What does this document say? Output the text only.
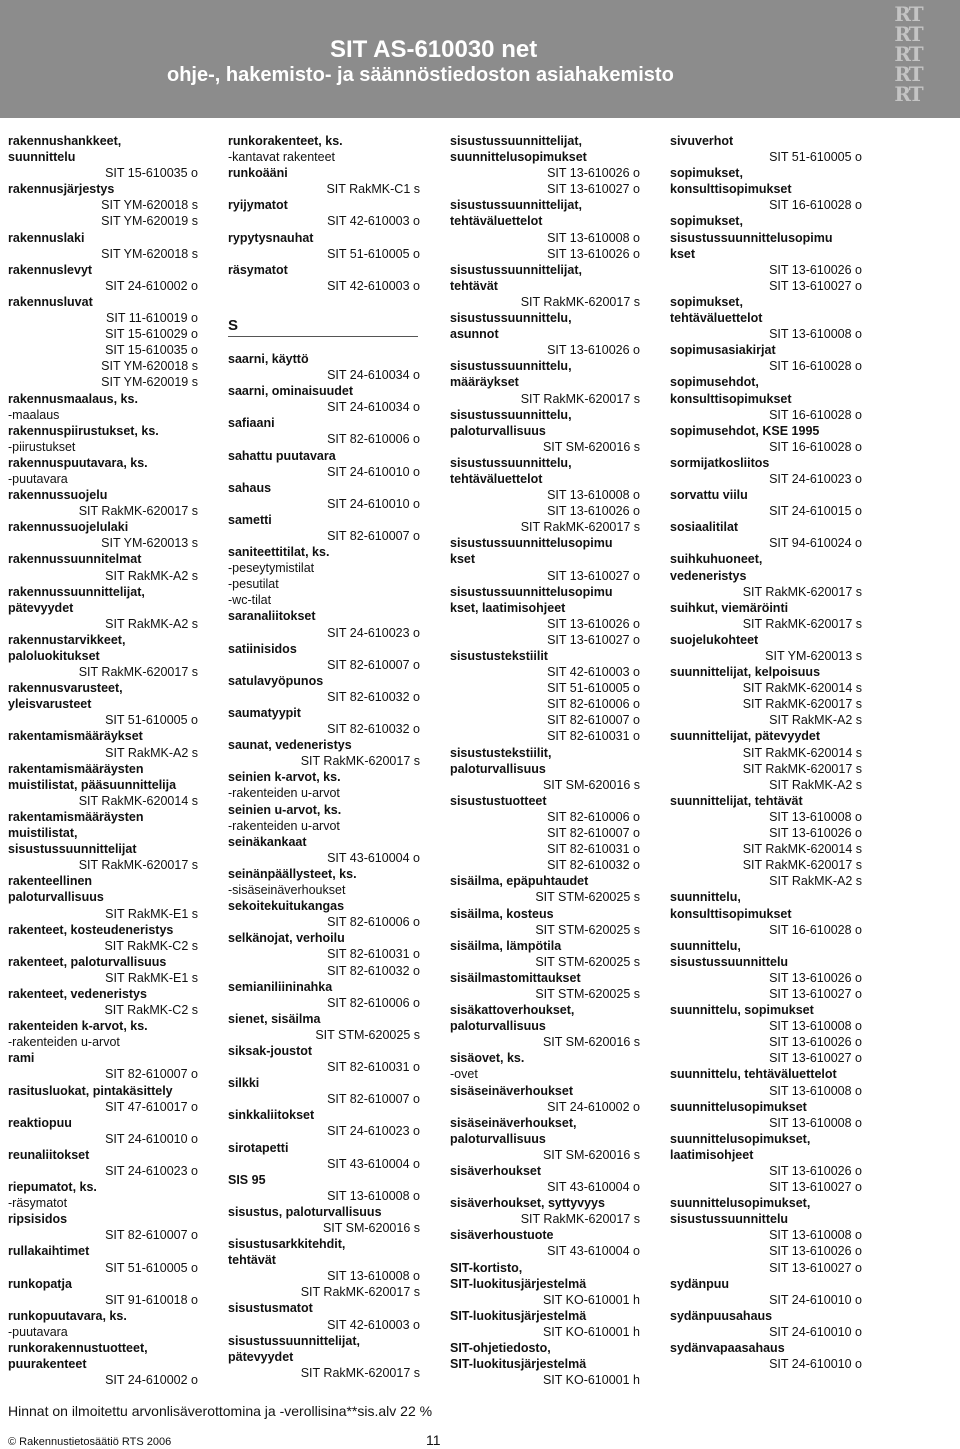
SIT AS-610030 net
ohje-, hakemisto- ja säännöstiedoston asiahakemisto
RT
RT
RT
RT
RT
rakennushankkeet,
suunnittelu
SIT 15-610035 o
rakennusjärjestys
SIT YM-620018 s
SIT YM-620019 s
rakennuslaki
SIT YM-620018 s
rakennuslevyt
SIT 24-610002 o
rakennusluvat
SIT 11-610019 o
SIT 15-610029 o
SIT 15-610035 o
SIT YM-620018 s
SIT YM-620019 s
rakennusmaalaus, ks.
-maalaus
rakennuspiirustukset, ks.
-piirustukset
rakennuspuutavara, ks.
-puutavara
rakennussuojelu
SIT RakMK-620017 s
rakennussuojelulaki
SIT YM-620013 s
rakennussuunnitelmat
SIT RakMK-A2 s
rakennussuunnittelijat,
pätevyydet
SIT RakMK-A2 s
rakennustarvikkeet,
paloluokitukset
SIT RakMK-620017 s
rakennusvarusteet,
yleisvarusteet
SIT 51-610005 o
rakentamismääräykset
SIT RakMK-A2 s
rakentamismääräysten
muistilistat, pääsuunnittelija
SIT RakMK-620014 s
rakentamismääräysten
muistilistat,
sisustussuunnittelijat
SIT RakMK-620017 s
rakenteellinen
paloturvallisuus
SIT RakMK-E1 s
rakenteet, kosteudeneristys
SIT RakMK-C2 s
rakenteet, paloturvallisuus
SIT RakMK-E1 s
rakenteet, vedeneristys
SIT RakMK-C2 s
rakenteiden k-arvot, ks.
-rakenteiden u-arvot
rami
SIT 82-610007 o
rasitusluokat, pintakäsittely
SIT 47-610017 o
reaktiopuu
SIT 24-610010 o
reunaliitokset
SIT 24-610023 o
riepumatot, ks.
-räsymatot
ripsisidos
SIT 82-610007 o
rullakaihtimet
SIT 51-610005 o
runkopatja
SIT 91-610018 o
runkopuutavara, ks.
-puutavara
runkorakennustuotteet,
puurakenteet
SIT 24-610002 o
runkorakenteet, ks.
-kantavat rakenteet
runkoääni
SIT RakMK-C1 s
ryijymatot
SIT 42-610003 o
rypytysnauhat
SIT 51-610005 o
räsymatot
SIT 42-610003 o
S
saarni, käyttö
SIT 24-610034 o
saarni, ominaisuudet
SIT 24-610034 o
safiaani
SIT 82-610006 o
sahattu puutavara
SIT 24-610010 o
sahaus
SIT 24-610010 o
sametti
SIT 82-610007 o
saniteettitilat, ks.
-peseytymistilat
-pesutilat
-wc-tilat
saranaliitokset
SIT 24-610023 o
satiinisidos
SIT 82-610007 o
satulavyöpunos
SIT 82-610032 o
saumatyypit
SIT 82-610032 o
saunat, vedeneristys
SIT RakMK-620017 s
seinien k-arvot, ks.
-rakenteiden u-arvot
seinien u-arvot, ks.
-rakenteiden u-arvot
seinäkankaat
SIT 43-610004 o
seinänpäällysteet, ks.
-sisäseinäverhoukset
sekoitekuitukangas
SIT 82-610006 o
selkänojat, verhoilu
SIT 82-610031 o
SIT 82-610032 o
semianiliininahka
SIT 82-610006 o
sienet, sisäilma
SIT STM-620025 s
siksak-joustot
SIT 82-610031 o
silkki
SIT 82-610007 o
sinkkaliitokset
SIT 24-610023 o
sirotapetti
SIT 43-610004 o
SIS 95
SIT 13-610008 o
sisustus, paloturvallisuus
SIT SM-620016 s
sisustusarkkitehdit,
tehtävät
SIT 13-610008 o
SIT RakMK-620017 s
sisustusmatot
SIT 42-610003 o
sisustussuunnittelijat,
pätevyydet
SIT RakMK-620017 s
sisustussuunnittelijat,
suunnittelusopimukset
SIT 13-610026 o
SIT 13-610027 o
sisustussuunnittelijat,
tehtäväluettelot
SIT 13-610008 o
SIT 13-610026 o
sisustussuunnittelijat,
tehtävät
SIT RakMK-620017 s
sisustussuunnittelu,
asunnot
SIT 13-610026 o
sisustussuunnittelu,
määräykset
SIT RakMK-620017 s
sisustussuunnittelu,
paloturvallisuus
SIT SM-620016 s
sisustussuunnittelu,
tehtäväluettelot
SIT 13-610008 o
SIT 13-610026 o
SIT RakMK-620017 s
sisustussuunnittelusopimu
kset
SIT 13-610027 o
sisustussuunnittelusopimu
kset, laatimisohjeet
SIT 13-610026 o
SIT 13-610027 o
sisustustekstiilit
SIT 42-610003 o
SIT 51-610005 o
SIT 82-610006 o
SIT 82-610007 o
SIT 82-610031 o
sisustustekstiilit,
paloturvallisuus
SIT SM-620016 s
sisustustuotteet
SIT 82-610006 o
SIT 82-610007 o
SIT 82-610031 o
SIT 82-610032 o
sisäilma, epäpuhtaudet
SIT STM-620025 s
sisäilma, kosteus
SIT STM-620025 s
sisäilma, lämpötila
SIT STM-620025 s
sisäilmastomittaukset
SIT STM-620025 s
sisäkattoverhoukset,
paloturvallisuus
SIT SM-620016 s
sisäovet, ks.
-ovet
sisäseinäverhoukset
SIT 24-610002 o
sisäseinäverhoukset,
paloturvallisuus
SIT SM-620016 s
sisäverhoukset
SIT 43-610004 o
sisäverhoukset, syttyvyys
SIT RakMK-620017 s
sisäverhoustuote
SIT 43-610004 o
SIT-kortisto,
SIT-luokitusjärjestelmä
SIT KO-610001 h
SIT-luokitusjärjestelmä
SIT KO-610001 h
SIT-ohjetiedosto,
SIT-luokitusjärjestelmä
SIT KO-610001 h
sivuverhot
SIT 51-610005 o
sopimukset,
konsulttisopimukset
SIT 16-610028 o
sopimukset,
sisustussuunnittelusopimu
kset
SIT 13-610026 o
SIT 13-610027 o
sopimukset,
tehtäväluettelot
SIT 13-610008 o
sopimusasiakirjat
SIT 16-610028 o
sopimusehdot,
konsulttisopimukset
SIT 16-610028 o
sopimusehdot, KSE 1995
SIT 16-610028 o
sormijatkosliitos
SIT 24-610023 o
sorvattu viilu
SIT 24-610015 o
sosiaalitilat
SIT 94-610024 o
suihkuhuoneet,
vedeneristys
SIT RakMK-620017 s
suihkut, viemäröinti
SIT RakMK-620017 s
suojelukohteet
SIT YM-620013 s
suunnittelijat, kelpoisuus
SIT RakMK-620014 s
SIT RakMK-620017 s
SIT RakMK-A2 s
suunnittelijat, pätevyydet
SIT RakMK-620014 s
SIT RakMK-620017 s
SIT RakMK-A2 s
suunnittelijat, tehtävät
SIT 13-610008 o
SIT 13-610026 o
SIT RakMK-620014 s
SIT RakMK-620017 s
SIT RakMK-A2 s
suunnittelu,
konsulttisopimukset
SIT 16-610028 o
suunnittelu,
sisustussuunnittelu
SIT 13-610026 o
SIT 13-610027 o
suunnittelu, sopimukset
SIT 13-610008 o
SIT 13-610026 o
SIT 13-610027 o
suunnittelu, tehtäväluettelot
SIT 13-610008 o
suunnittelusopimukset
SIT 13-610008 o
suunnittelusopimukset,
laatimisohjeet
SIT 13-610026 o
SIT 13-610027 o
suunnittelusopimukset,
sisustussuunnittelu
SIT 13-610008 o
SIT 13-610026 o
SIT 13-610027 o
sydänpuu
SIT 24-610010 o
sydänpuusahaus
SIT 24-610010 o
sydänvapaasahaus
SIT 24-610010 o
Hinnat on ilmoitettu arvonlisäverottomina ja -verollisina**sis.alv 22 %
© Rakennustietosäätiö RTS 2006	11
